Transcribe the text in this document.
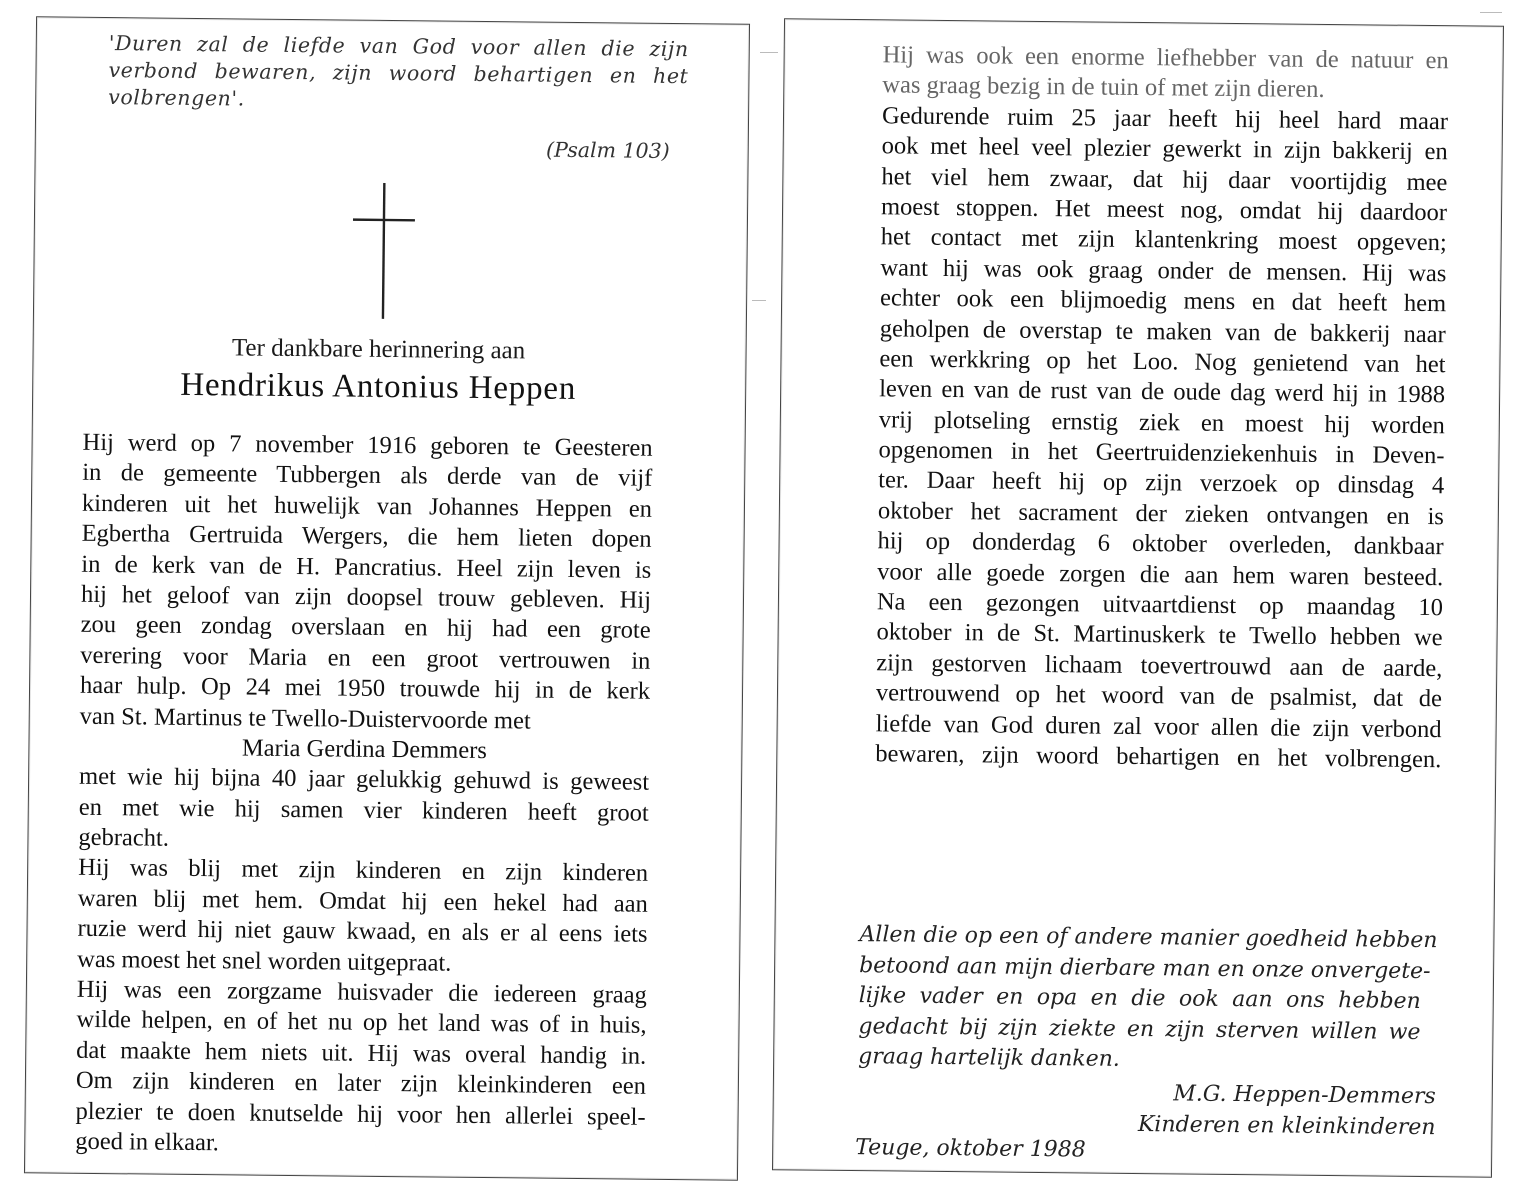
'Duren zal de liefde van God voor allen die zijn
verbond bewaren, zijn woord behartigen en het
volbrengen'.
(Psalm 103)
Ter dankbare herinnering aan
Hendrikus Antonius Heppen
Hij werd op 7 november 1916 geboren te Geesteren
in de gemeente Tubbergen als derde van de vijf
kinderen uit het huwelijk van Johannes Heppen en
Egbertha Gertruida Wergers, die hem lieten dopen
in de kerk van de H. Pancratius. Heel zijn leven is
hij het geloof van zijn doopsel trouw gebleven. Hij
zou geen zondag overslaan en hij had een grote
verering voor Maria en een groot vertrouwen in
haar hulp. Op 24 mei 1950 trouwde hij in de kerk
van St. Martinus te Twello-Duistervoorde met
Maria Gerdina Demmers
met wie hij bijna 40 jaar gelukkig gehuwd is geweest
en met wie hij samen vier kinderen heeft groot
gebracht.
Hij was blij met zijn kinderen en zijn kinderen
waren blij met hem. Omdat hij een hekel had aan
ruzie werd hij niet gauw kwaad, en als er al eens iets
was moest het snel worden uitgepraat.
Hij was een zorgzame huisvader die iedereen graag
wilde helpen, en of het nu op het land was of in huis,
dat maakte hem niets uit. Hij was overal handig in.
Om zijn kinderen en later zijn kleinkinderen een
plezier te doen knutselde hij voor hen allerlei speel-
goed in elkaar.
Hij was ook een enorme liefhebber van de natuur en
was graag bezig in de tuin of met zijn dieren.
Gedurende ruim 25 jaar heeft hij heel hard maar
ook met heel veel plezier gewerkt in zijn bakkerij en
het viel hem zwaar, dat hij daar voortijdig mee
moest stoppen. Het meest nog, omdat hij daardoor
het contact met zijn klantenkring moest opgeven;
want hij was ook graag onder de mensen. Hij was
echter ook een blijmoedig mens en dat heeft hem
geholpen de overstap te maken van de bakkerij naar
een werkkring op het Loo. Nog genietend van het
leven en van de rust van de oude dag werd hij in 1988
vrij plotseling ernstig ziek en moest hij worden
opgenomen in het Geertruidenziekenhuis in Deven-
ter. Daar heeft hij op zijn verzoek op dinsdag 4
oktober het sacrament der zieken ontvangen en is
hij op donderdag 6 oktober overleden, dankbaar
voor alle goede zorgen die aan hem waren besteed.
Na een gezongen uitvaartdienst op maandag 10
oktober in de St. Martinuskerk te Twello hebben we
zijn gestorven lichaam toevertrouwd aan de aarde,
vertrouwend op het woord van de psalmist, dat de
liefde van God duren zal voor allen die zijn verbond
bewaren, zijn woord behartigen en het volbrengen.
Allen die op een of andere manier goedheid hebben
betoond aan mijn dierbare man en onze onvergete-
lijke vader en opa en die ook aan ons hebben
gedacht bij zijn ziekte en zijn sterven willen we
graag hartelijk danken.
M.G. Heppen-Demmers
Kinderen en kleinkinderen
Teuge, oktober 1988
